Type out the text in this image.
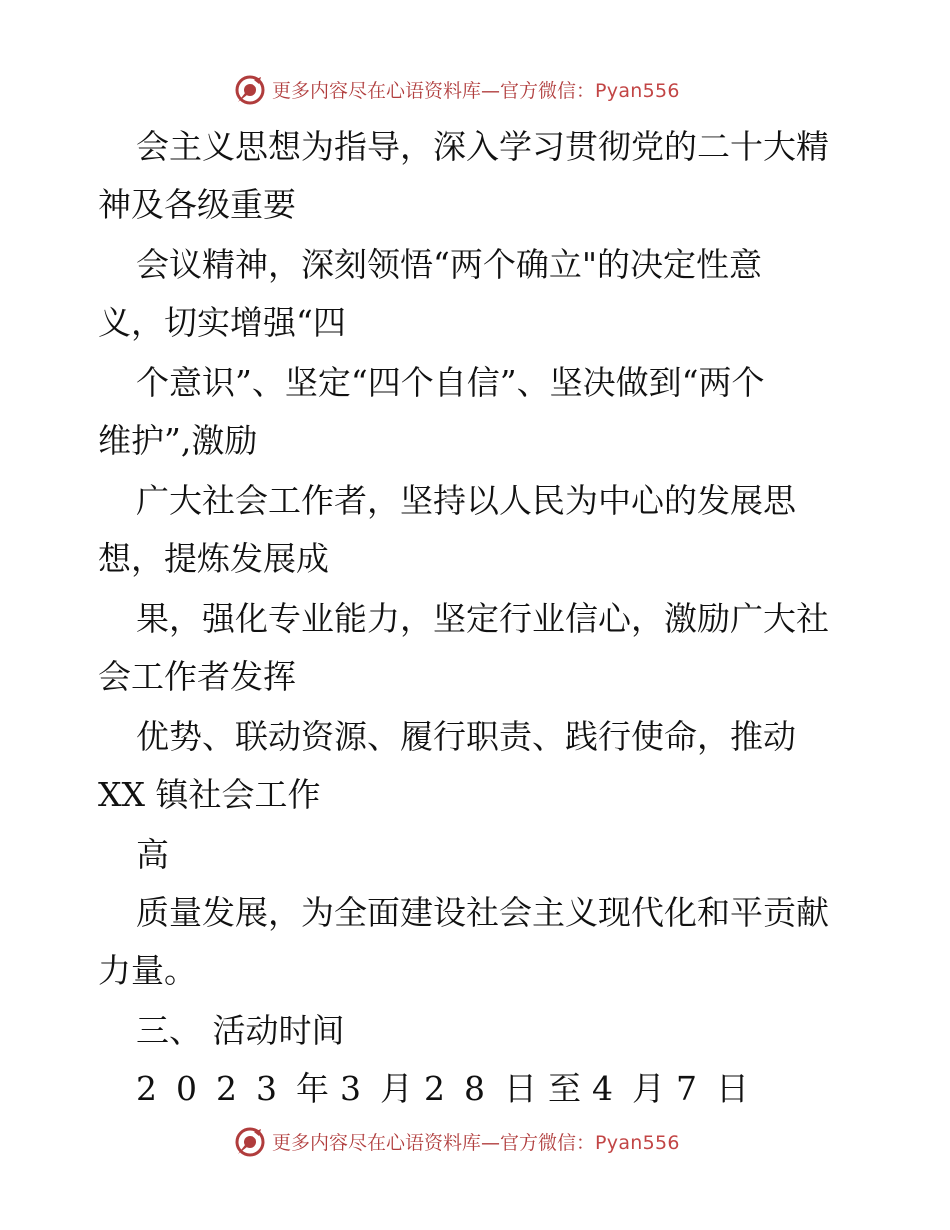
更多内容尽在心语资料库—官方微信：Pyan556
更多内容尽在心语资料库—官方微信：Pyan556
会主义思想为指导，深入学习贯彻党的二十大精
神及各级重要
会议精神，深刻领悟“两个确立"的决定性意
义，切实增强“四
个意识”、坚定“四个自信”、坚决做到“两个
维护”,激励
广大社会工作者，坚持以人民为中心的发展思
想，提炼发展成
果，强化专业能力，坚定行业信心，激励广大社
会工作者发挥
优势、联动资源、履行职责、践行使命，推动
XX 镇社会工作
高
质量发展，为全面建设社会主义现代化和平贡献
力量。
三、 活动时间
2 0 2 3 年 3 月 2 8 日 至 4 月 7 日
